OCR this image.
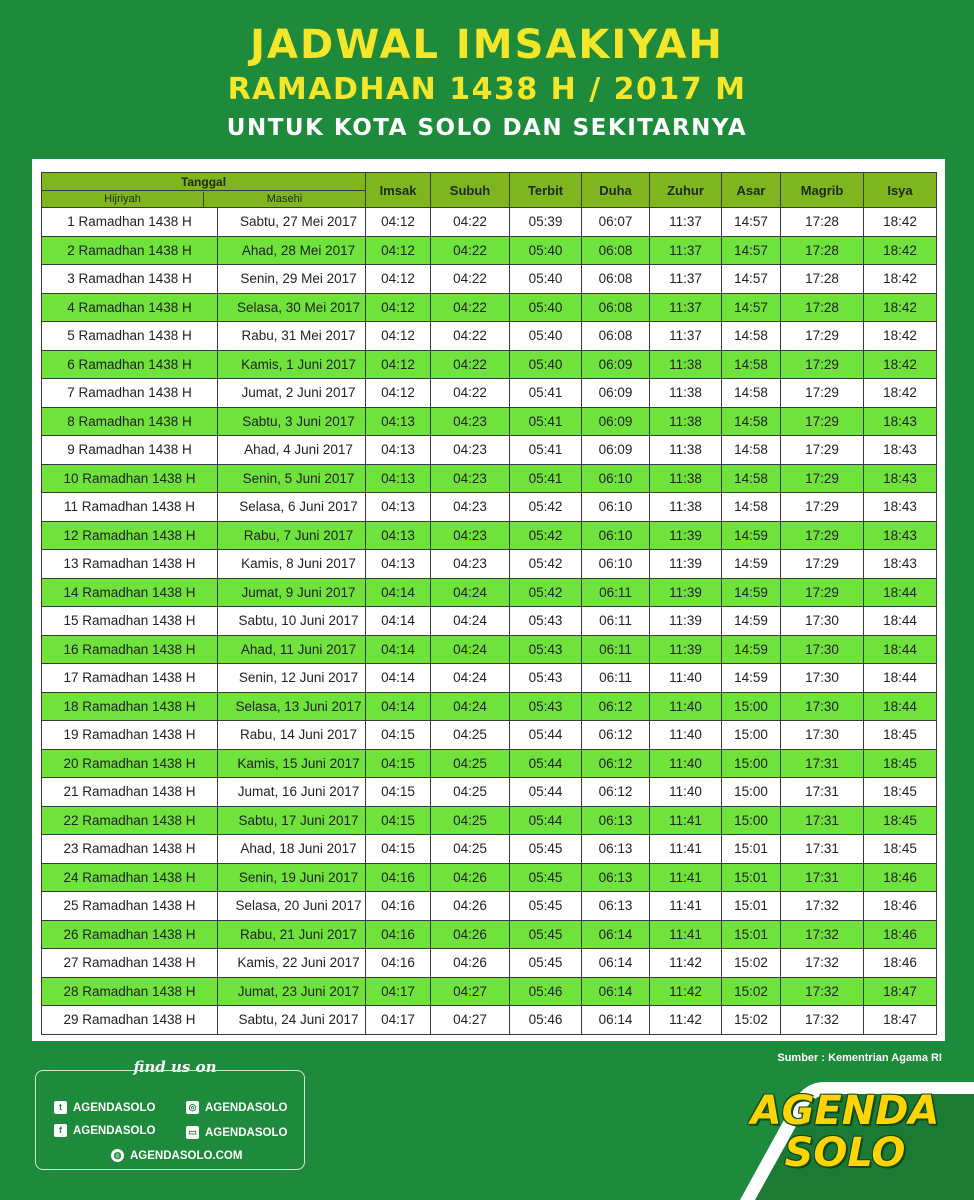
JADWAL IMSAKIYAH
RAMADHAN 1438 H / 2017 M
UNTUK KOTA SOLO DAN SEKITARNYA
Tanggal
Hijriyah Masehi		Imsak	Subuh	Terbit	Duha	Zuhur	Asar	Magrib	Isya
1 Ramadhan 1438 H	Sabtu, 27 Mei 2017	04:12	04:22	05:39	06:07	11:37	14:57	17:28	18:42
2 Ramadhan 1438 H	Ahad, 28 Mei 2017	04:12	04:22	05:40	06:08	11:37	14:57	17:28	18:42
3 Ramadhan 1438 H	Senin, 29 Mei 2017	04:12	04:22	05:40	06:08	11:37	14:57	17:28	18:42
4 Ramadhan 1438 H	Selasa, 30 Mei 2017	04:12	04:22	05:40	06:08	11:37	14:57	17:28	18:42
5 Ramadhan 1438 H	Rabu, 31 Mei 2017	04:12	04:22	05:40	06:08	11:37	14:58	17:29	18:42
6 Ramadhan 1438 H	Kamis, 1 Juni 2017	04:12	04:22	05:40	06:09	11:38	14:58	17:29	18:42
7 Ramadhan 1438 H	Jumat, 2 Juni 2017	04:12	04:22	05:41	06:09	11:38	14:58	17:29	18:42
8 Ramadhan 1438 H	Sabtu, 3 Juni 2017	04:13	04:23	05:41	06:09	11:38	14:58	17:29	18:43
9 Ramadhan 1438 H	Ahad, 4 Juni 2017	04:13	04:23	05:41	06:09	11:38	14:58	17:29	18:43
10 Ramadhan 1438 H	Senin, 5 Juni 2017	04:13	04:23	05:41	06:10	11:38	14:58	17:29	18:43
11 Ramadhan 1438 H	Selasa, 6 Juni 2017	04:13	04:23	05:42	06:10	11:38	14:58	17:29	18:43
12 Ramadhan 1438 H	Rabu, 7 Juni 2017	04:13	04:23	05:42	06:10	11:39	14:59	17:29	18:43
13 Ramadhan 1438 H	Kamis, 8 Juni 2017	04:13	04:23	05:42	06:10	11:39	14:59	17:29	18:43
14 Ramadhan 1438 H	Jumat, 9 Juni 2017	04:14	04:24	05:42	06:11	11:39	14:59	17:29	18:44
15 Ramadhan 1438 H	Sabtu, 10 Juni 2017	04:14	04:24	05:43	06:11	11:39	14:59	17:30	18:44
16 Ramadhan 1438 H	Ahad, 11 Juni 2017	04:14	04:24	05:43	06:11	11:39	14:59	17:30	18:44
17 Ramadhan 1438 H	Senin, 12 Juni 2017	04:14	04:24	05:43	06:11	11:40	14:59	17:30	18:44
18 Ramadhan 1438 H	Selasa, 13 Juni 2017	04:14	04:24	05:43	06:12	11:40	15:00	17:30	18:44
19 Ramadhan 1438 H	Rabu, 14 Juni 2017	04:15	04:25	05:44	06:12	11:40	15:00	17:30	18:45
20 Ramadhan 1438 H	Kamis, 15 Juni 2017	04:15	04:25	05:44	06:12	11:40	15:00	17:31	18:45
21 Ramadhan 1438 H	Jumat, 16 Juni 2017	04:15	04:25	05:44	06:12	11:40	15:00	17:31	18:45
22 Ramadhan 1438 H	Sabtu, 17 Juni 2017	04:15	04:25	05:44	06:13	11:41	15:00	17:31	18:45
23 Ramadhan 1438 H	Ahad, 18 Juni 2017	04:15	04:25	05:45	06:13	11:41	15:01	17:31	18:45
24 Ramadhan 1438 H	Senin, 19 Juni 2017	04:16	04:26	05:45	06:13	11:41	15:01	17:31	18:46
25 Ramadhan 1438 H	Selasa, 20 Juni 2017	04:16	04:26	05:45	06:13	11:41	15:01	17:32	18:46
26 Ramadhan 1438 H	Rabu, 21 Juni 2017	04:16	04:26	05:45	06:14	11:41	15:01	17:32	18:46
27 Ramadhan 1438 H	Kamis, 22 Juni 2017	04:16	04:26	05:45	06:14	11:42	15:02	17:32	18:46
28 Ramadhan 1438 H	Jumat, 23 Juni 2017	04:17	04:27	05:46	06:14	11:42	15:02	17:32	18:47
29 Ramadhan 1438 H	Sabtu, 24 Juni 2017	04:17	04:27	05:46	06:14	11:42	15:02	17:32	18:47
Sumber : Kementrian Agama RI
find us on
t AGENDASOLO	◎ AGENDASOLO
f AGENDASOLO	▭ AGENDASOLO
◍ AGENDASOLO.COM
AGENDA
SOLO
